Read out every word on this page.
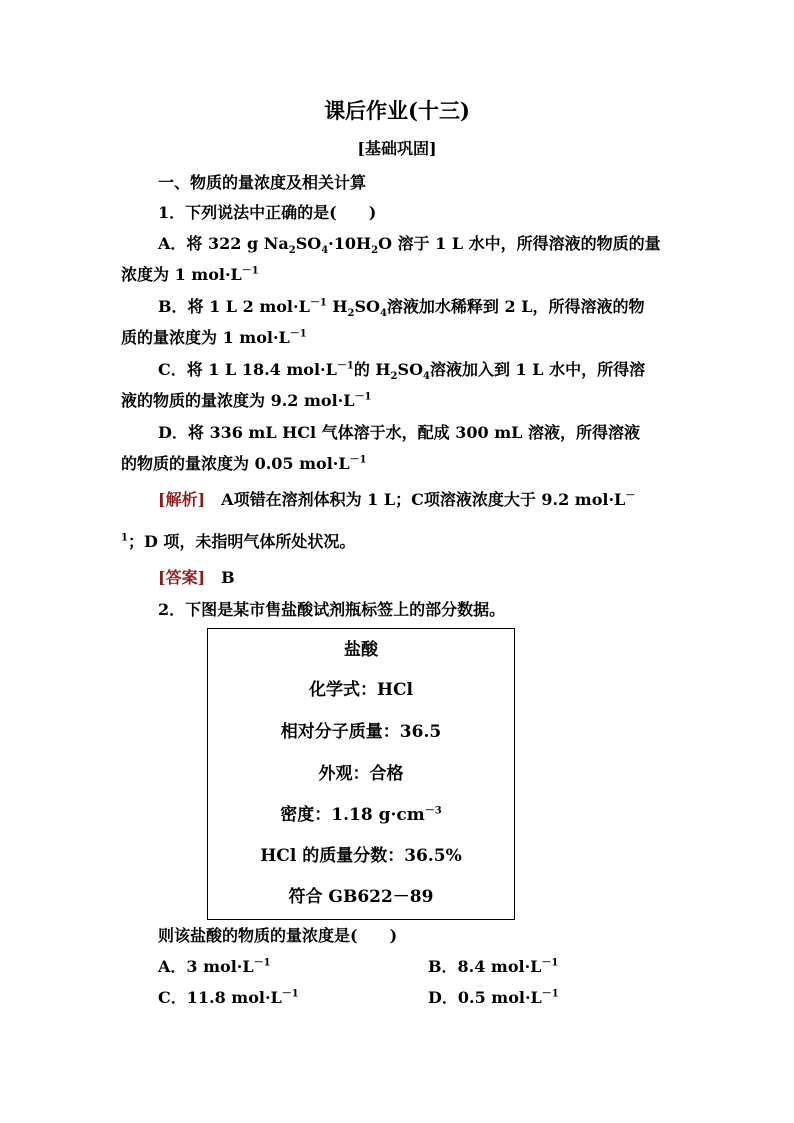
课后作业(十三)
[基础巩固]
一、物质的量浓度及相关计算
1．下列说法中正确的是(　　)
A．将 322 g $Na_2SO_4\cdot 10H_2O$ 溶于 1 L 水中，所得溶液的物质的量
浓度为 1 $mol\cdot L^{-1}$
B．将 1 L 2 $mol\cdot L^{-1}$ $H_2SO_4$溶液加水稀释到 2 L，所得溶液的物
质的量浓度为 1 $mol\cdot L^{-1}$
C．将 1 L 18.4 $mol\cdot L^{-1}$的 $H_2SO_4$溶液加入到 1 L 水中，所得溶
液的物质的量浓度为 9.2 $mol\cdot L^{-1}$
D．将 336 mL HCl 气体溶于水，配成 300 mL 溶液，所得溶液
的物质的量浓度为 0.05 $mol\cdot L^{-1}$
[解析]　A项错在溶剂体积为 1 L；C项溶液浓度大于 9.2 mol·L－
$^1$；D 项，未指明气体所处状况。
[答案]　B
2．下图是某市售盐酸试剂瓶标签上的部分数据。
盐酸
化学式：HCl
相对分子质量：36.5
外观：合格
密度：1.18 $g\cdot cm^{-3}$
HCl 的质量分数：36.5%
符合 GB622－89
则该盐酸的物质的量浓度是(　　)
A．3 $mol\cdot L^{-1}$	B．8.4 $mol\cdot L^{-1}$
C．11.8 $mol\cdot L^{-1}$	D．0.5 $mol\cdot L^{-1}$
